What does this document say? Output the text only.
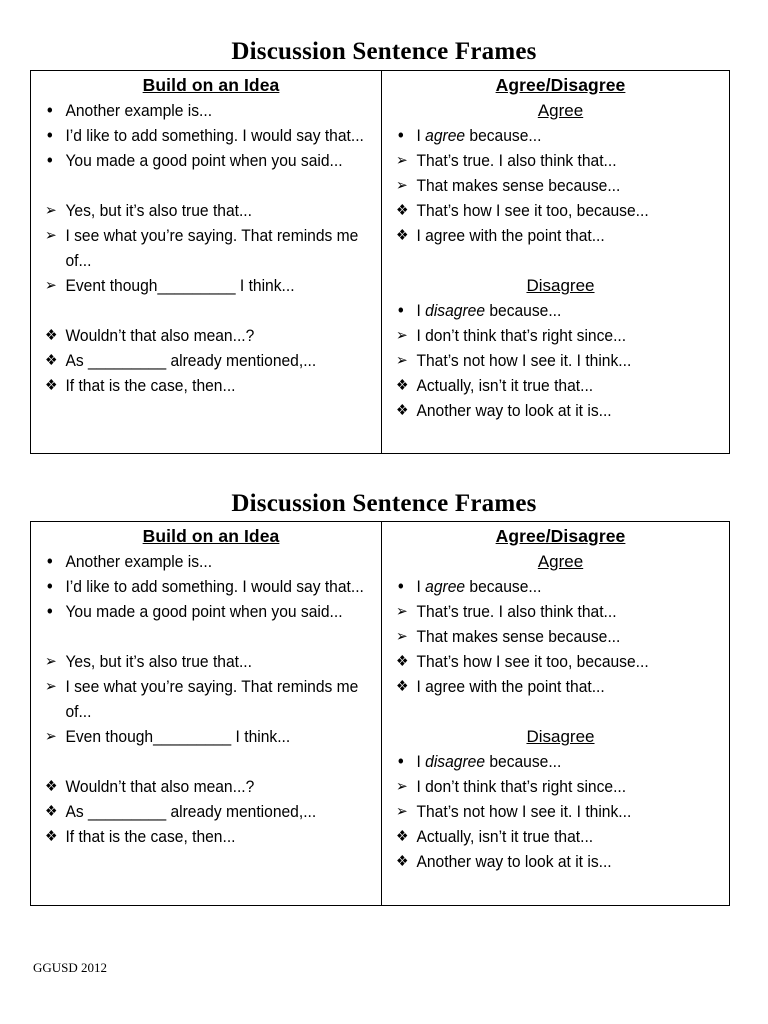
Discussion Sentence Frames
Build on an Idea
• Another example is...
• I’d like to add something. I would say that...
• You made a good point when you said...
➢ Yes, but it’s also true that...
➢ I see what you’re saying. That reminds me of...
➢ Event though_________ I think...
❖ Wouldn’t that also mean...?
❖ As _________ already mentioned,...
❖ If that is the case, then...
Agree/Disagree
Agree
• I agree because...
➢ That’s true. I also think that...
➢ That makes sense because...
❖ That’s how I see it too, because...
❖ I agree with the point that...
Disagree
• I disagree because...
➢ I don’t think that’s right since...
➢ That’s not how I see it. I think...
❖ Actually, isn’t it true that...
❖ Another way to look at it is...
Discussion Sentence Frames
Build on an Idea
• Another example is...
• I’d like to add something. I would say that...
• You made a good point when you said...
➢ Yes, but it’s also true that...
➢ I see what you’re saying. That reminds me of...
➢ Even though_________ I think...
❖ Wouldn’t that also mean...?
❖ As _________ already mentioned,...
❖ If that is the case, then...
Agree/Disagree
Agree
• I agree because...
➢ That’s true. I also think that...
➢ That makes sense because...
❖ That’s how I see it too, because...
❖ I agree with the point that...
Disagree
• I disagree because...
➢ I don’t think that’s right since...
➢ That’s not how I see it. I think...
❖ Actually, isn’t it true that...
❖ Another way to look at it is...
GGUSD 2012
